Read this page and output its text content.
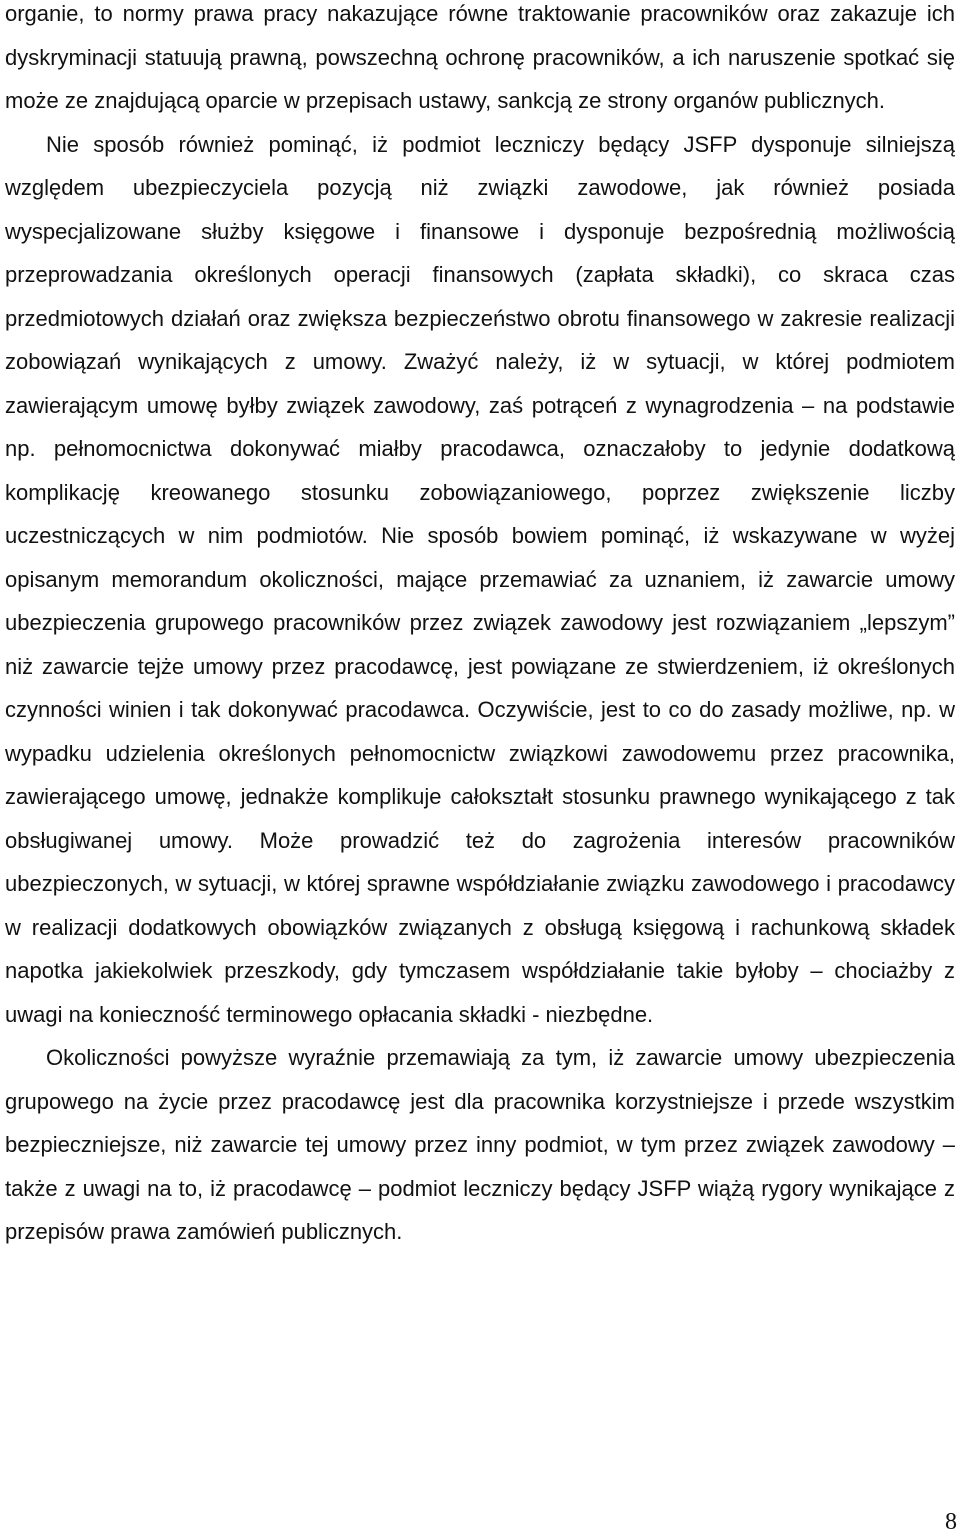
organie, to normy prawa pracy nakazujące równe traktowanie pracowników oraz zakazuje ich dyskryminacji statuują prawną, powszechną ochronę pracowników, a ich naruszenie spotkać się może ze znajdującą oparcie w przepisach ustawy, sankcją ze strony organów publicznych.

Nie sposób również pominąć, iż podmiot leczniczy będący JSFP dysponuje silniejszą względem ubezpieczyciela pozycją niż związki zawodowe, jak również posiada wyspecjalizowane służby księgowe i finansowe i dysponuje bezpośrednią możliwością przeprowadzania określonych operacji finansowych (zapłata składki), co skraca czas przedmiotowych działań oraz zwiększa bezpieczeństwo obrotu finansowego w zakresie realizacji zobowiązań wynikających z umowy. Zważyć należy, iż w sytuacji, w której podmiotem zawierającym umowę byłby związek zawodowy, zaś potrąceń z wynagrodzenia – na podstawie np. pełnomocnictwa dokonywać miałby pracodawca, oznaczałoby to jedynie dodatkową komplikację kreowanego stosunku zobowiązaniowego, poprzez zwiększenie liczby uczestniczących w nim podmiotów. Nie sposób bowiem pominąć, iż wskazywane w wyżej opisanym memorandum okoliczności, mające przemawiać za uznaniem, iż zawarcie umowy ubezpieczenia grupowego pracowników przez związek zawodowy jest rozwiązaniem „lepszym” niż zawarcie tejże umowy przez pracodawcę, jest powiązane ze stwierdzeniem, iż określonych czynności winien i tak dokonywać pracodawca. Oczywiście, jest to co do zasady możliwe, np. w wypadku udzielenia określonych pełnomocnictw związkowi zawodowemu przez pracownika, zawierającego umowę, jednakże komplikuje całokształt stosunku prawnego wynikającego z tak obsługiwanej umowy. Może prowadzić też do zagrożenia interesów pracowników ubezpieczonych, w sytuacji, w której sprawne współdziałanie związku zawodowego i pracodawcy w realizacji dodatkowych obowiązków związanych z obsługą księgową i rachunkową składek napotka jakiekolwiek przeszkody, gdy tymczasem współdziałanie takie byłoby – chociażby z uwagi na konieczność terminowego opłacania składki - niezbędne.

Okoliczności powyższe wyraźnie przemawiają za tym, iż zawarcie umowy ubezpieczenia grupowego na życie przez pracodawcę jest dla pracownika korzystniejsze i przede wszystkim bezpieczniejsze, niż zawarcie tej umowy przez inny podmiot, w tym przez związek zawodowy – także z uwagi na to, iż pracodawcę – podmiot leczniczy będący JSFP wiążą rygory wynikające z przepisów prawa zamówień publicznych.

8
